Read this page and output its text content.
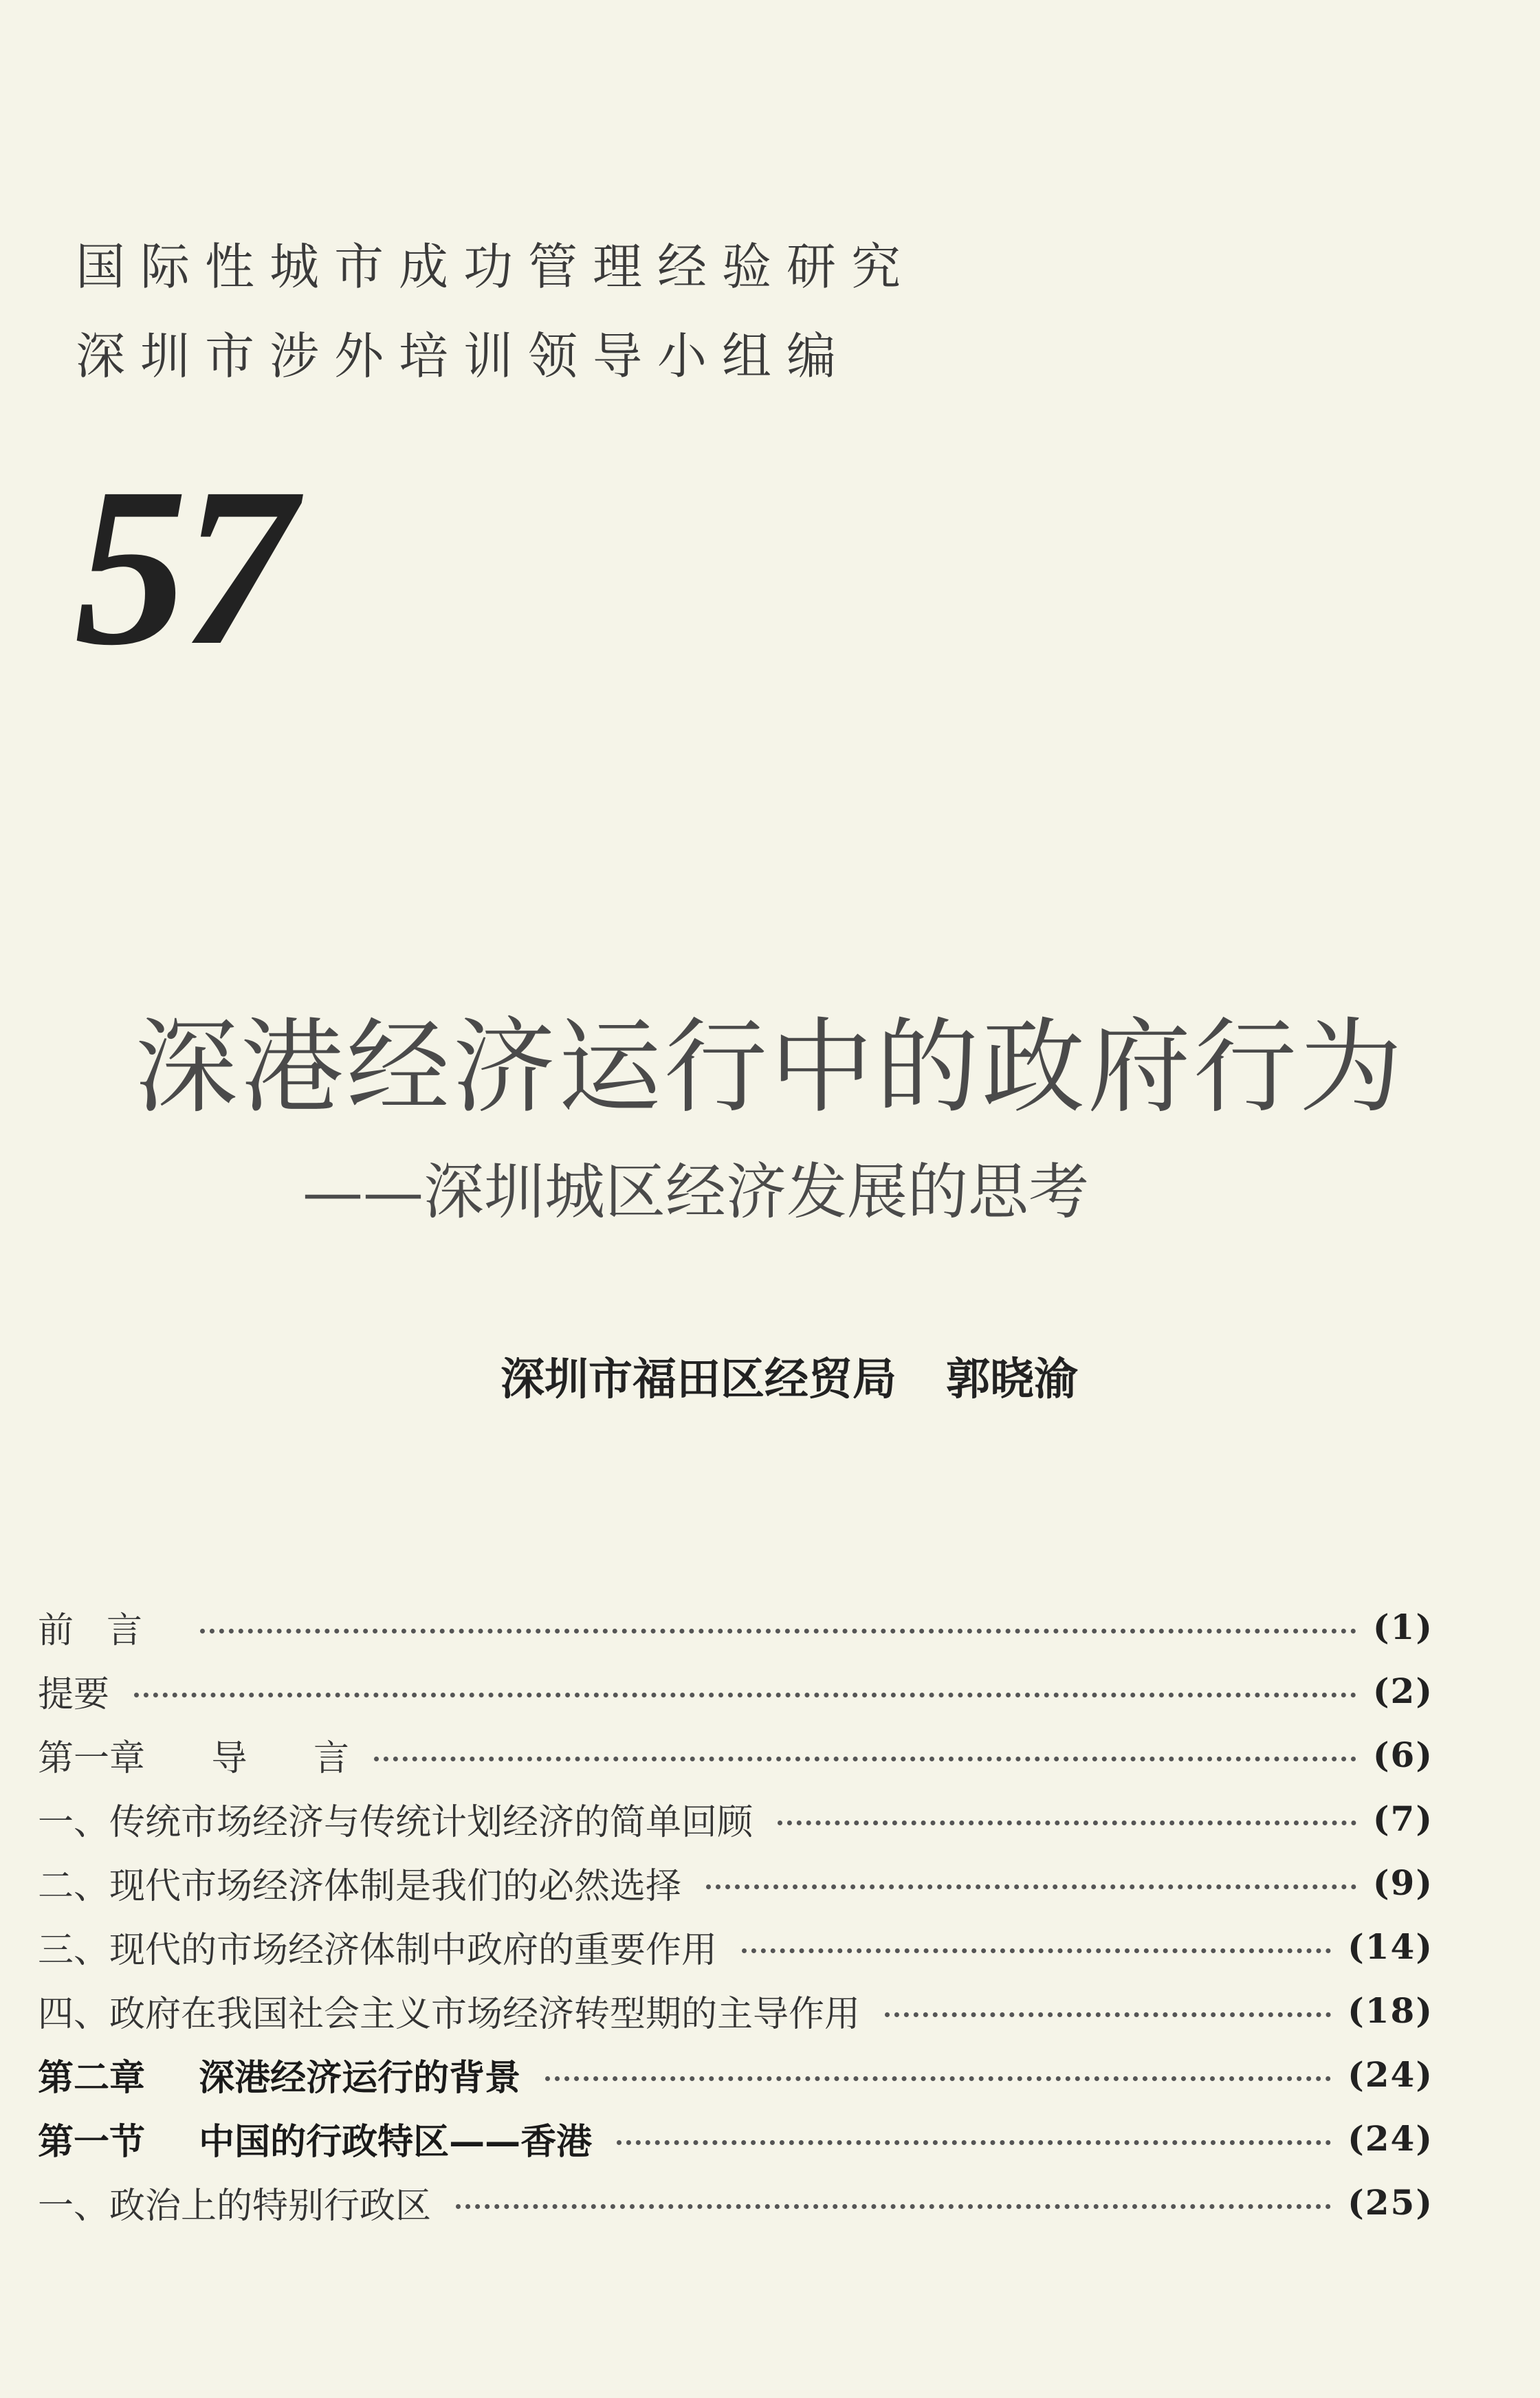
国际性城市成功管理经验研究
深圳市涉外培训领导小组编
57
深港经济运行中的政府行为
——深圳城区经济发展的思考
深圳市福田区经贸局 郭晓渝
前言	(1)
提要	(2)
第一章 导 言	(6)
一、传统市场经济与传统计划经济的简单回顾	(7)
二、现代市场经济体制是我们的必然选择	(9)
三、现代的市场经济体制中政府的重要作用	(14)
四、政府在我国社会主义市场经济转型期的主导作用	(18)
第二章 深港经济运行的背景	(24)
第一节 中国的行政特区——香港	(24)
一、政治上的特别行政区	(25)
